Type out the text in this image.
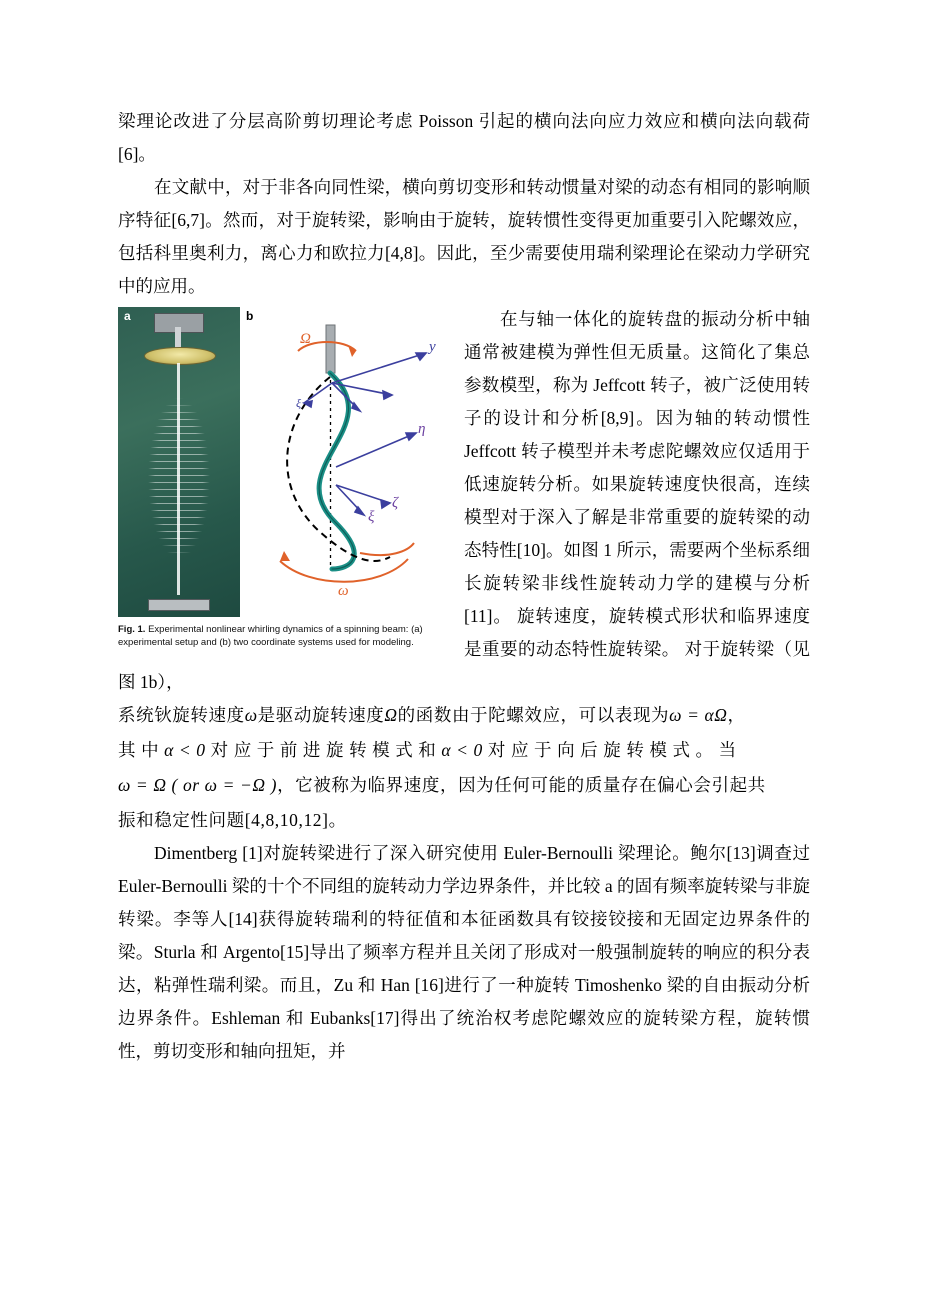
梁理论改进了分层高阶剪切理论考虑 Poisson 引起的横向法向应力效应和横向法向载荷[6]。

在文献中，对于非各向同性梁，横向剪切变形和转动惯量对梁的动态有相同的影响顺序特征[6,7]。然而，对于旋转梁，影响由于旋转，旋转惯性变得更加重要引入陀螺效应，包括科里奥利力，离心力和欧拉力[4,8]。因此，至少需要使用瑞利梁理论在梁动力学研究中的应用。

a	b
y
η
ζ
ξ
ξ
Ω
ω
Fig. 1. Experimental nonlinear whirling dynamics of a spinning beam: (a) experimental setup and (b) two coordinate systems used for modeling.

在与轴一体化的旋转盘的振动分析中轴通常被建模为弹性但无质量。这简化了集总参数模型，称为 Jeffcott 转子，被广泛使用转子的设计和分析[8,9]。因为轴的转动惯性 Jeffcott 转子模型并未考虑陀螺效应仅适用于低速旋转分析。如果旋转速度快很高，连续模型对于深入了解是非常重要的旋转梁的动态特性[10]。如图 1 所示，需要两个坐标系细长旋转梁非线性旋转动力学的建模与分析[11]。 旋转速度，旋转模式形状和临界速度是重要的动态特性旋转梁。 对于旋转梁（见图 1b），

系统钬旋转速度ω是驱动旋转速度Ω的函数由于陀螺效应，可以表现为ω = αΩ，
其 中 α < 0 对 应 于 前 进 旋 转 模 式 和 α < 0 对 应 于 向 后 旋 转 模 式 。 当
ω = Ω ( or ω = −Ω )，它被称为临界速度，因为任何可能的质量存在偏心会引起共
振和稳定性问题[4,8,10,12]。

Dimentberg [1]对旋转梁进行了深入研究使用 Euler-Bernoulli 梁理论。鲍尔[13]调查过 Euler-Bernoulli 梁的十个不同组的旋转动力学边界条件，并比较 a 的固有频率旋转梁与非旋转梁。李等人[14]获得旋转瑞利的特征值和本征函数具有铰接铰接和无固定边界条件的梁。Sturla 和 Argento[15]导出了频率方程并且关闭了形成对一般强制旋转的响应的积分表达，粘弹性瑞利梁。而且，Zu 和 Han [16]进行了一种旋转 Timoshenko 梁的自由振动分析边界条件。Eshleman 和 Eubanks[17]得出了统治权考虑陀螺效应的旋转梁方程，旋转惯性，剪切变形和轴向扭矩，并
